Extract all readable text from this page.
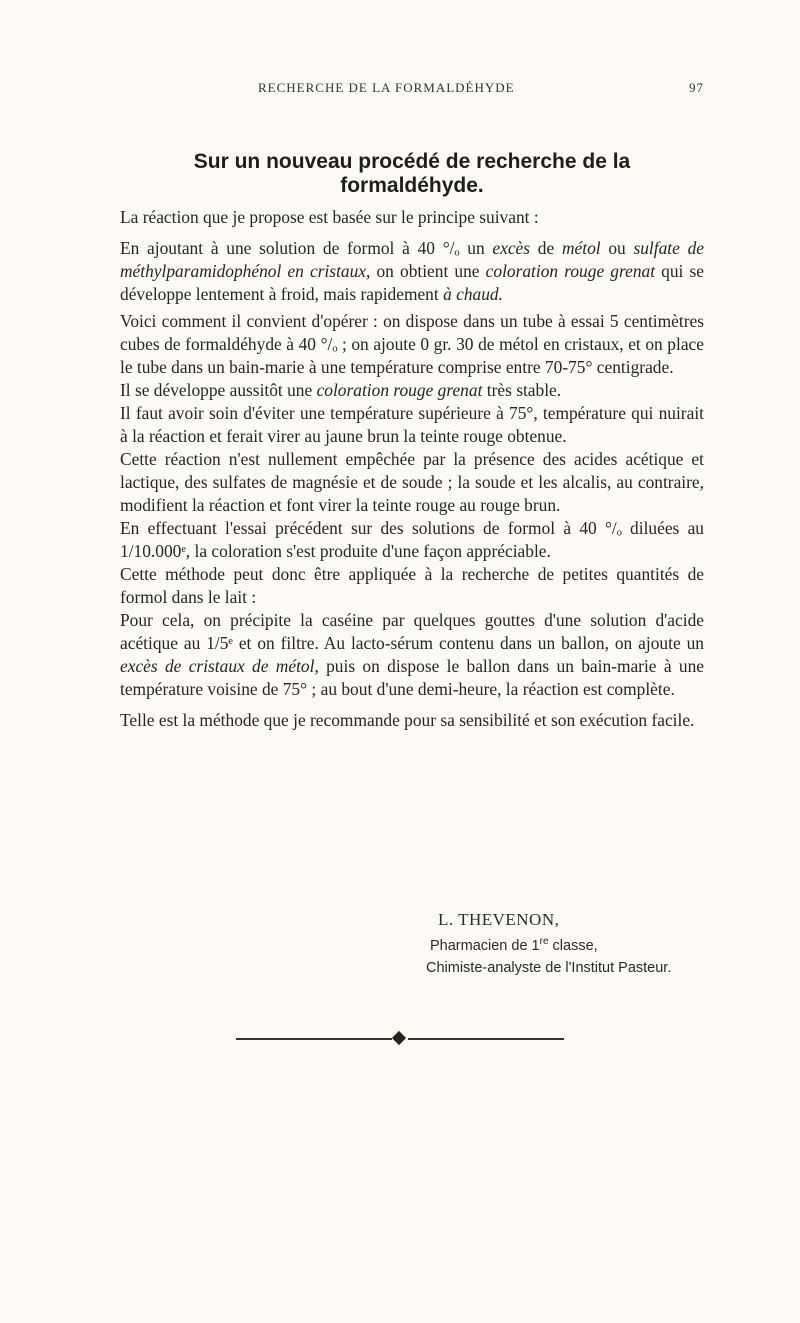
RECHERCHE DE LA FORMALDÉHYDE	97
Sur un nouveau procédé de recherche de la formaldéhyde.

La réaction que je propose est basée sur le principe suivant :

En ajoutant à une solution de formol à 40 °/ₒ un excès de métol ou sulfate de méthylparamidophénol en cristaux, on obtient une coloration rouge grenat qui se développe lentement à froid, mais rapidement à chaud.

Voici comment il convient d'opérer : on dispose dans un tube à essai 5 centimètres cubes de formaldéhyde à 40 °/ₒ ; on ajoute 0 gr. 30 de métol en cristaux, et on place le tube dans un bain-marie à une température comprise entre 70-75° centigrade.

Il se développe aussitôt une coloration rouge grenat très stable.

Il faut avoir soin d'éviter une température supérieure à 75°, température qui nuirait à la réaction et ferait virer au jaune brun la teinte rouge obtenue.

Cette réaction n'est nullement empêchée par la présence des acides acétique et lactique, des sulfates de magnésie et de soude ; la soude et les alcalis, au contraire, modifient la réaction et font virer la teinte rouge au rouge brun.

En effectuant l'essai précédent sur des solutions de formol à 40 °/ₒ diluées au 1/10.000ᵉ, la coloration s'est produite d'une façon appréciable.

Cette méthode peut donc être appliquée à la recherche de petites quantités de formol dans le lait :

Pour cela, on précipite la caséine par quelques gouttes d'une solution d'acide acétique au 1/5ᵉ et on filtre. Au lacto-sérum contenu dans un ballon, on ajoute un excès de cristaux de métol, puis on dispose le ballon dans un bain-marie à une température voisine de 75° ; au bout d'une demi-heure, la réaction est complète.

Telle est la méthode que je recommande pour sa sensibilité et son exécution facile.

L. THEVENON,
Pharmacien de 1re classe,
Chimiste-analyste de l'Institut Pasteur.
